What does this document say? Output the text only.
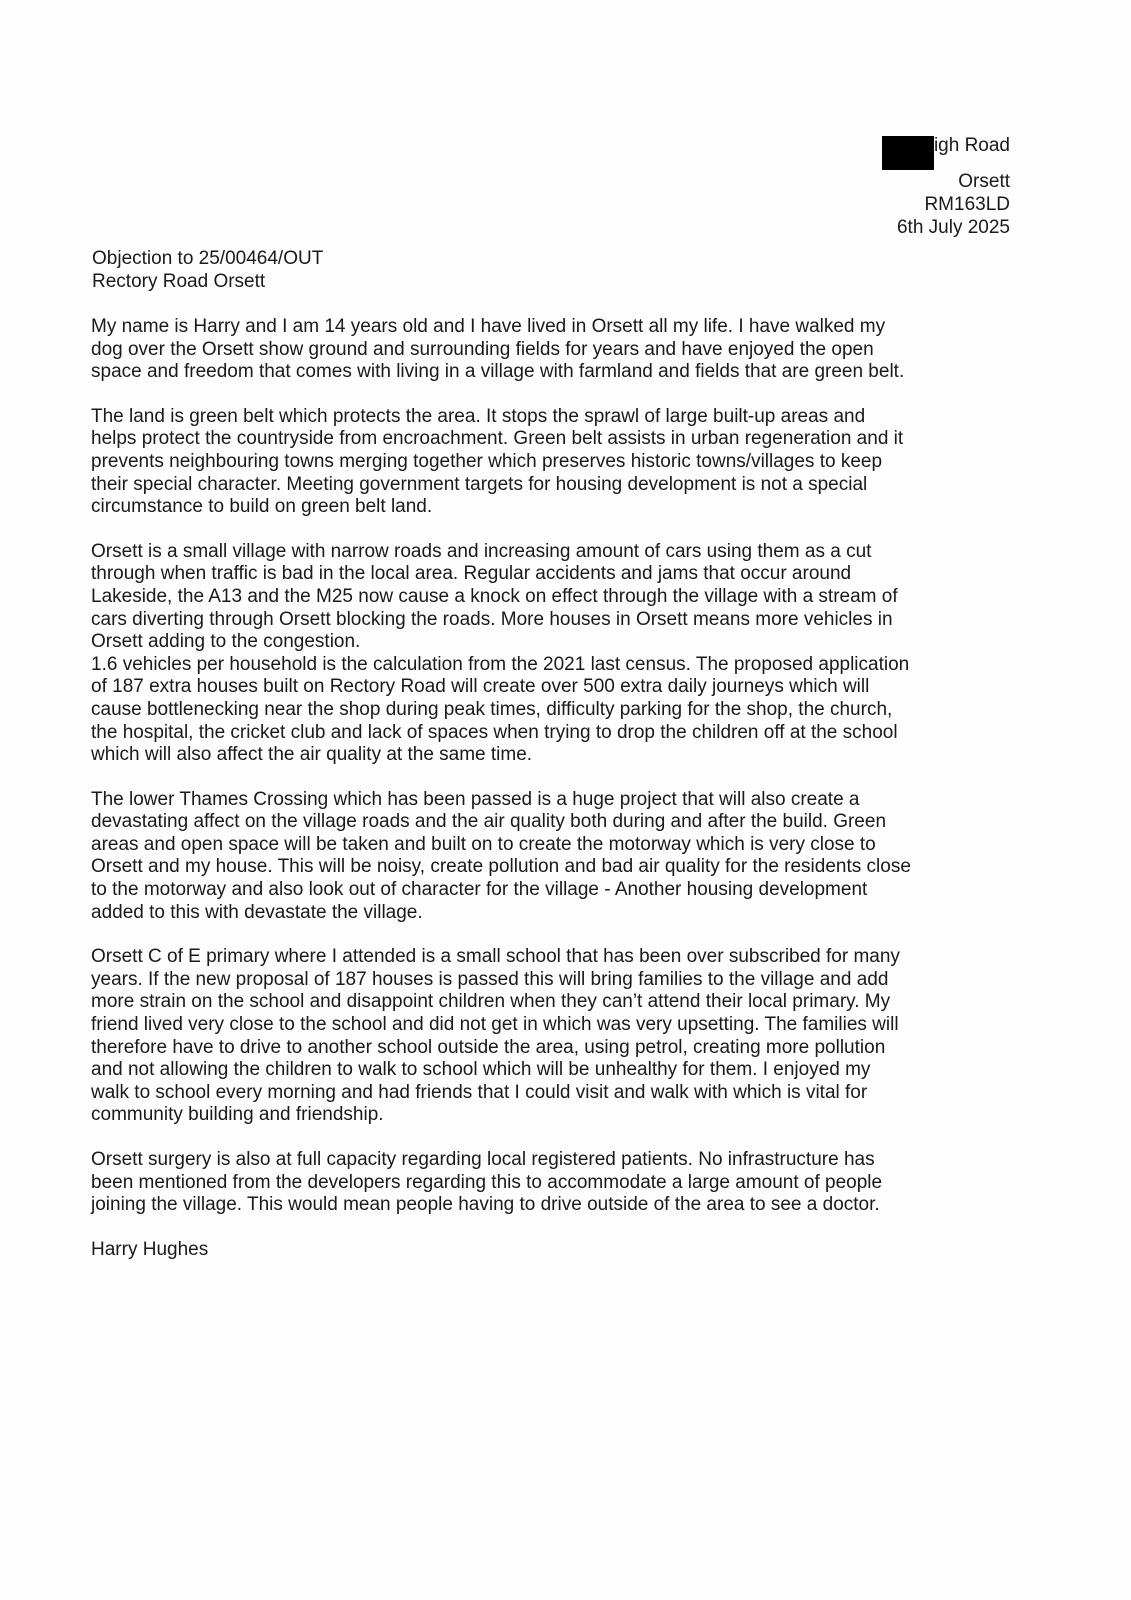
igh Road
Orsett
RM163LD
6th July 2025
Objection to 25/00464/OUT
Rectory Road Orsett

My name is Harry and I am 14 years old and I have lived in Orsett all my life. I have walked my
dog over the Orsett show ground and surrounding fields for years and have enjoyed the open
space and freedom that comes with living in a village with farmland and fields that are green belt.

The land is green belt which protects the area. It stops the sprawl of large built-up areas and
helps protect the countryside from encroachment. Green belt assists in urban regeneration and it
prevents neighbouring towns merging together which preserves historic towns/villages to keep
their special character. Meeting government targets for housing development is not a special
circumstance to build on green belt land.

Orsett is a small village with narrow roads and increasing amount of cars using them as a cut
through when traffic is bad in the local area. Regular accidents and jams that occur around
Lakeside, the A13 and the M25 now cause a knock on effect through the village with a stream of
cars diverting through Orsett blocking the roads. More houses in Orsett means more vehicles in
Orsett adding to the congestion.
1.6 vehicles per household is the calculation from the 2021 last census. The proposed application
of 187 extra houses built on Rectory Road will create over 500 extra daily journeys which will
cause bottlenecking near the shop during peak times, difficulty parking for the shop, the church,
the hospital, the cricket club and lack of spaces when trying to drop the children off at the school
which will also affect the air quality at the same time.

The lower Thames Crossing which has been passed is a huge project that will also create a
devastating affect on the village roads and the air quality both during and after the build. Green
areas and open space will be taken and built on to create the motorway which is very close to
Orsett and my house. This will be noisy, create pollution and bad air quality for the residents close
to the motorway and also look out of character for the village - Another housing development
added to this with devastate the village.

Orsett C of E primary where I attended is a small school that has been over subscribed for many
years. If the new proposal of 187 houses is passed this will bring families to the village and add
more strain on the school and disappoint children when they can’t attend their local primary. My
friend lived very close to the school and did not get in which was very upsetting. The families will
therefore have to drive to another school outside the area, using petrol, creating more pollution
and not allowing the children to walk to school which will be unhealthy for them. I enjoyed my
walk to school every morning and had friends that I could visit and walk with which is vital for
community building and friendship.

Orsett surgery is also at full capacity regarding local registered patients. No infrastructure has
been mentioned from the developers regarding this to accommodate a large amount of people
joining the village. This would mean people having to drive outside of the area to see a doctor.

Harry Hughes
